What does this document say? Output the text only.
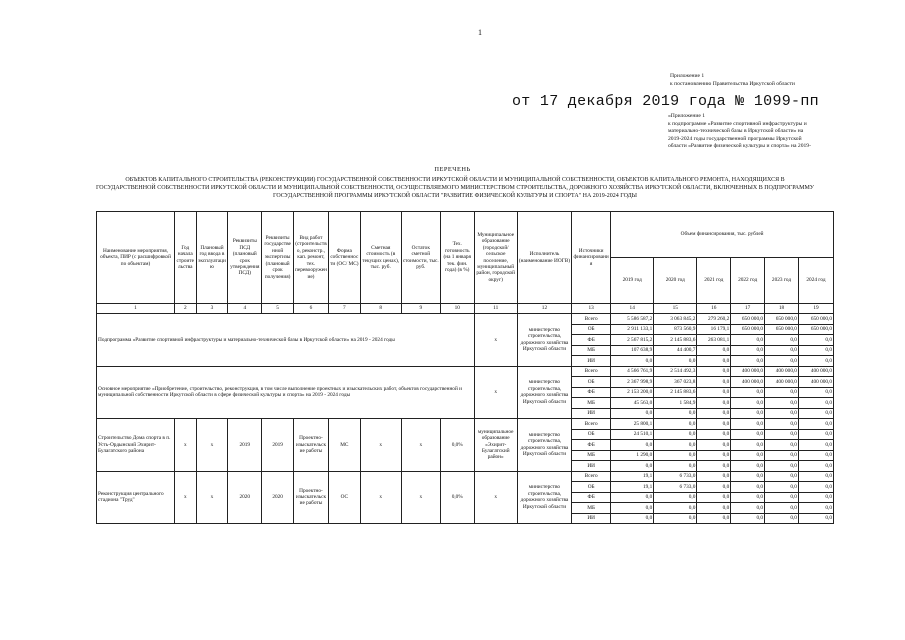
1
Приложение 1
к постановлению Правительства Иркутской области
от 17 декабря 2019 года № 1099-пп
«Приложение 1
к подпрограмме «Развитие спортивной инфраструктуры и
материально-технической базы в Иркутской области» на
2019-2024 годы государственной программы Иркутской
области «Развитие физической культуры и спорта» на 2019-
ПЕРЕЧЕНЬ
ОБЪЕКТОВ КАПИТАЛЬНОГО СТРОИТЕЛЬСТВА (РЕКОНСТРУКЦИИ) ГОСУДАРСТВЕННОЙ СОБСТВЕННОСТИ ИРКУТСКОЙ ОБЛАСТИ И МУНИЦИПАЛЬНОЙ СОБСТВЕННОСТИ, ОБЪЕКТОВ КАПИТАЛЬНОГО РЕМОНТА, НАХОДЯЩИХСЯ В ГОСУДАРСТВЕННОЙ СОБСТВЕННОСТИ ИРКУТСКОЙ ОБЛАСТИ И МУНИЦИПАЛЬНОЙ СОБСТВЕННОСТИ, ОСУЩЕСТВЛЯЕМОГО МИНИСТЕРСТВОМ СТРОИТЕЛЬСТВА, ДОРОЖНОГО ХОЗЯЙСТВА ИРКУТСКОЙ ОБЛАСТИ, ВКЛЮЧЕННЫХ В ПОДПРОГРАММУ ГОСУДАРСТВЕННОЙ ПРОГРАММЫ ИРКУТСКОЙ ОБЛАСТИ "РАЗВИТИЕ ФИЗИЧЕСКОЙ КУЛЬТУРЫ И СПОРТА" НА 2019-2024 ГОДЫ
Наименование мероприятия, объекта, ПИР (с расшифровкой по объектам)	Год начала строительства	Плановый год ввода в эксплуатацию	Реквизиты ПСД (плановый срок утверждения ПСД)	Реквизиты государственной экспертизы (плановый срок получения)	Вид работ (строительство, реконстр., кап. ремонт, тех. перевооружение)	Форма собственности (ОС/ МС)	Сметная стоимость (в текущих ценах), тыс. руб.	Остаток сметной стоимости, тыс. руб.	Тех. готовность (на 1 января тек. фин. года) (в %)	Муниципальное образование (городской/сельское поселение, муниципальный район, городской округ)	Исполнитель (наименование ИОГВ)	Источники финансирования	Объем финансирования, тыс. рублей					
													2019 год	2020 год	2021 год	2022 год	2023 год	2024 год
1	2	3	4	5	6	7	8	9	10	11	12	13	14	15	16	17	18	19
Подпрограмма «Развитие спортивной инфраструктуры и материально-технической базы в Иркутской области» на 2019 - 2024 годы										х	министерство строительства, дорожного хозяйства Иркутской области	Всего	5 586 587,2	3 063 845,2	279 260,2	650 000,0	650 000,0	650 000,0
												ОБ	2 911 133,1	873 560,9	16 179,1	650 000,0	650 000,0	650 000,0
												ФБ	2 567 815,2	2 145 883,6	263 081,1	0,0	0,0	0,0
												МБ	107 638,9	44 400,7	0,0	0,0	0,0	0,0
												ИИ	0,0	0,0	0,0	0,0	0,0	0,0
Основное мероприятие «Приобретение, строительство, реконструкция, в том числе выполнение проектных и изыскательских работ, объектов государственной и муниципальной собственности Иркутской области в сфере физической культуры и спорта» на 2019 - 2024 годы										х	министерство строительства, дорожного хозяйства Иркутской области	Всего	4 566 761,9	2 514 492,3	0,0	400 000,0	400 000,0	400 000,0
												ОБ	2 367 998,9	367 023,8	0,0	400 000,0	400 000,0	400 000,0
												ФБ	2 153 200,0	2 145 883,6	0,0	0,0	0,0	0,0
												МБ	45 563,0	1 584,9	0,0	0,0	0,0	0,0
												ИИ	0,0	0,0	0,0	0,0	0,0	0,0
Строительство Дома спорта в п. Усть-Ордынский Эхирит-Булагатского района	х	х	2019	2019	Проектно-изыскательские работы	МС	х	х	0,0%	муниципальное образование «Эхирит-Булагатский район»	министерство строительства, дорожного хозяйства Иркутской области	Всего	25 800,1	0,0	0,0	0,0	0,0	0,0
												ОБ	24 510,1	0,0	0,0	0,0	0,0	0,0
												ФБ	0,0	0,0	0,0	0,0	0,0	0,0
												МБ	1 290,0	0,0	0,0	0,0	0,0	0,0
												ИИ	0,0	0,0	0,0	0,0	0,0	0,0
Реконструкция центрального стадиона "Труд"	х	х	2020	2020	Проектно-изыскательские работы	ОС	х	х	0,0%	х	министерство строительства, дорожного хозяйства Иркутской области	Всего	19,1	6 733,0	0,0	0,0	0,0	0,0
												ОБ	19,1	6 733,0	0,0	0,0	0,0	0,0
												ФБ	0,0	0,0	0,0	0,0	0,0	0,0
												МБ	0,0	0,0	0,0	0,0	0,0	0,0
												ИИ	0,0	0,0	0,0	0,0	0,0	0,0
